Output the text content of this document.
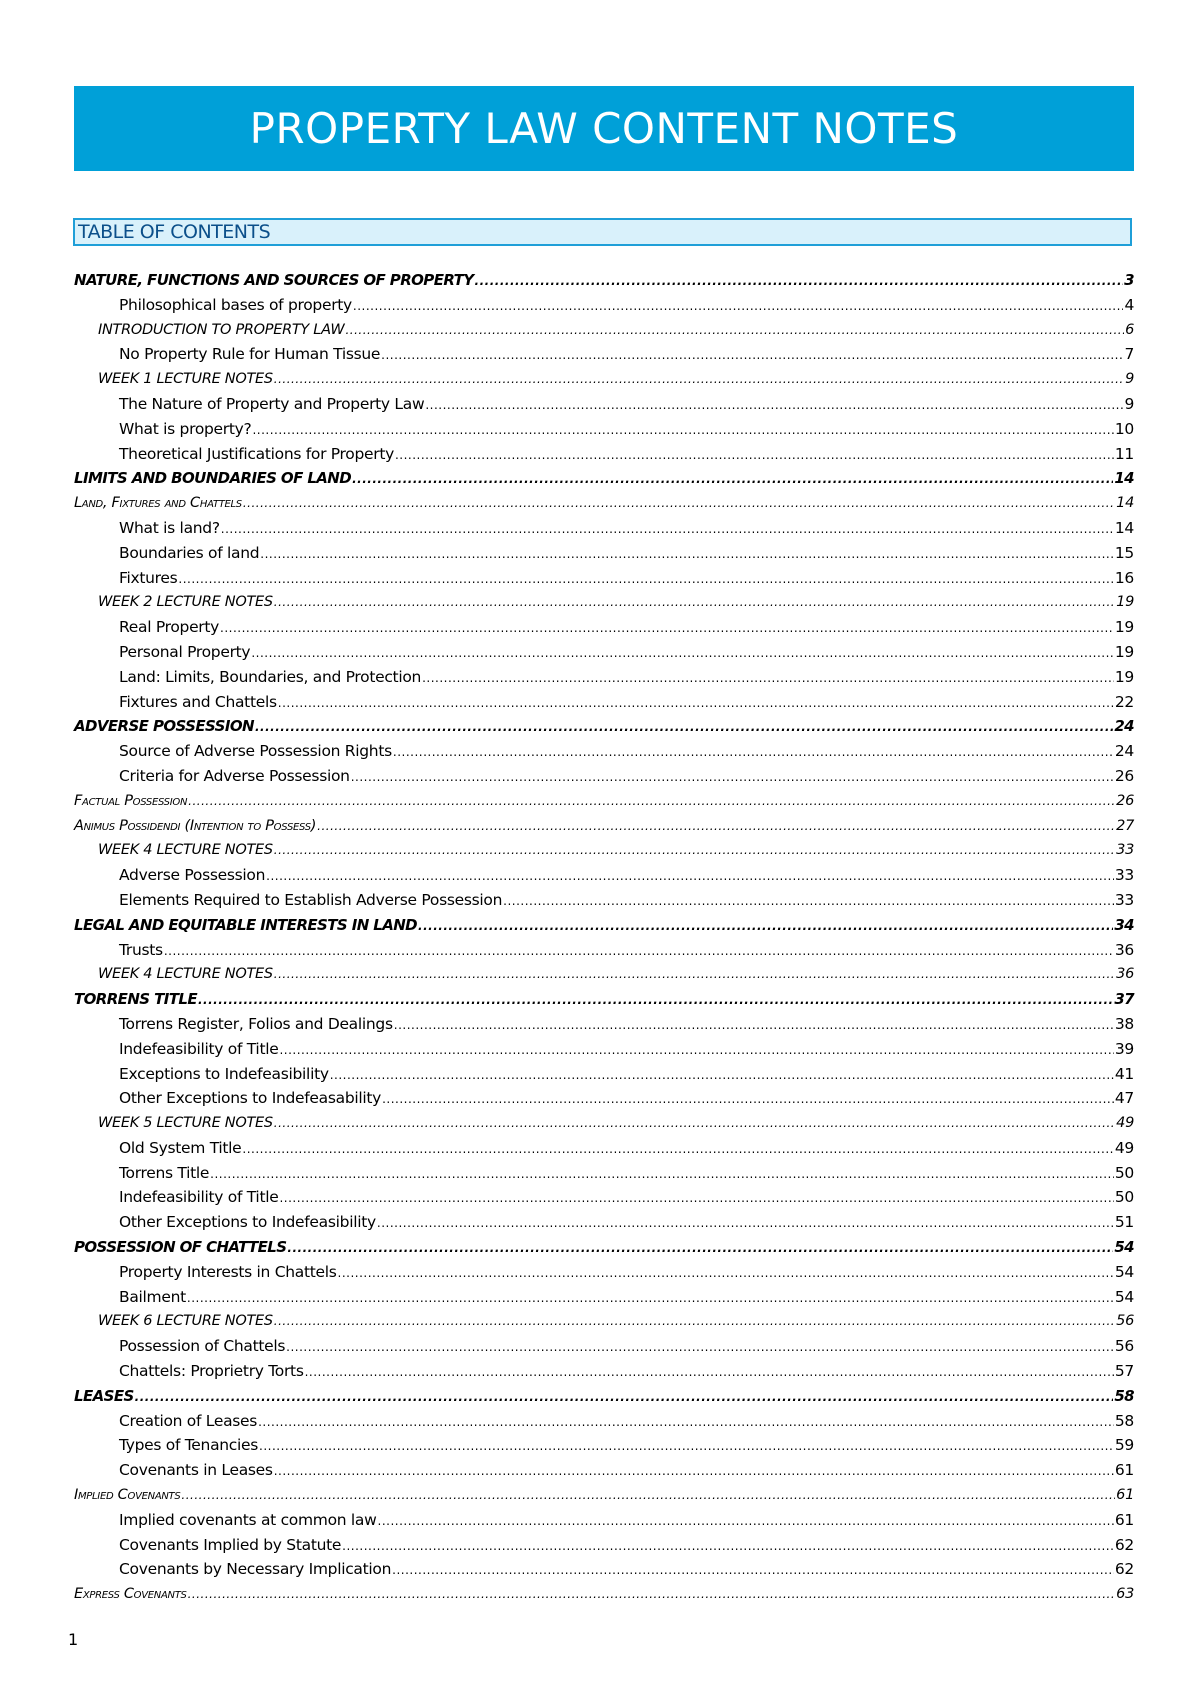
PROPERTY LAW CONTENT NOTES
TABLE OF CONTENTS
NATURE, FUNCTIONS AND SOURCES OF PROPERTY .....	3
Philosophical bases of property .....	4
INTRODUCTION TO PROPERTY LAW .....	6
No Property Rule for Human Tissue .....	7
WEEK 1 LECTURE NOTES .....	9
The Nature of Property and Property Law .....	9
What is property? .....	10
Theoretical Justifications for Property .....	11
LIMITS AND BOUNDARIES OF LAND .....	14
Land, Fixtures and Chattels .....	14
What is land? .....	14
Boundaries of land .....	15
Fixtures .....	16
WEEK 2 LECTURE NOTES .....	19
Real Property .....	19
Personal Property .....	19
Land: Limits, Boundaries, and Protection .....	19
Fixtures and Chattels .....	22
ADVERSE POSSESSION .....	24
Source of Adverse Possession Rights .....	24
Criteria for Adverse Possession .....	26
Factual Possession .....	26
Animus Possidendi (Intention to Possess) .....	27
WEEK 4 LECTURE NOTES .....	33
Adverse Possession .....	33
Elements Required to Establish Adverse Possession .....	33
LEGAL AND EQUITABLE INTERESTS IN LAND .....	34
Trusts .....	36
WEEK 4 LECTURE NOTES .....	36
TORRENS TITLE .....	37
Torrens Register, Folios and Dealings .....	38
Indefeasibility of Title .....	39
Exceptions to Indefeasibility .....	41
Other Exceptions to Indefeasability .....	47
WEEK 5 LECTURE NOTES .....	49
Old System Title .....	49
Torrens Title .....	50
Indefeasibility of Title .....	50
Other Exceptions to Indefeasibility .....	51
POSSESSION OF CHATTELS .....	54
Property Interests in Chattels .....	54
Bailment .....	54
WEEK 6 LECTURE NOTES .....	56
Possession of Chattels .....	56
Chattels: Proprietry Torts .....	57
LEASES .....	58
Creation of Leases .....	58
Types of Tenancies .....	59
Covenants in Leases .....	61
Implied Covenants .....	61
Implied covenants at common law .....	61
Covenants Implied by Statute .....	62
Covenants by Necessary Implication .....	62
Express Covenants .....	63
1
